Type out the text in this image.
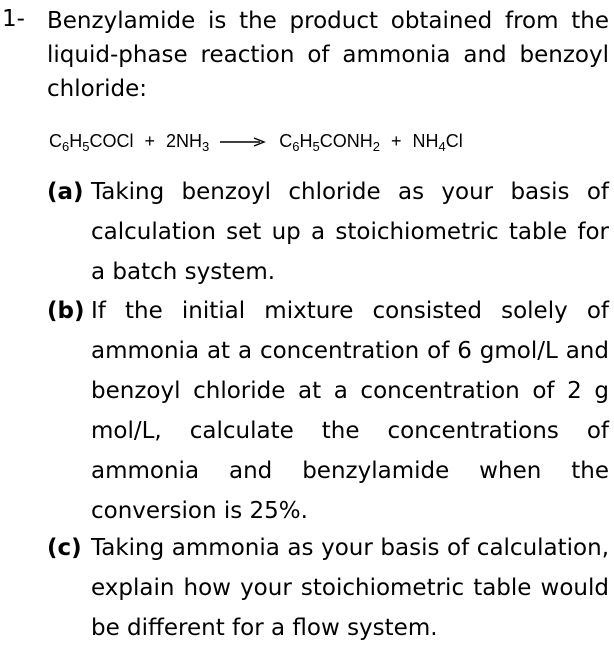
1- Benzylamide is the product obtained from the liquid-phase reaction of ammonia and benzoyl chloride:
$C_6H_5COCl + 2NH_3$	$C_6H_5CONH_2 + NH_4Cl$
(a) Taking benzoyl chloride as your basis of calculation set up a stoichiometric table for a batch system.
(b) If the initial mixture consisted solely of ammonia at a concentration of 6 gmol/L and benzoyl chloride at a concentration of 2 g mol/L, calculate the concentrations of ammonia and benzylamide when the conversion is 25%.
(c) Taking ammonia as your basis of calculation, explain how your stoichiometric table would be different for a flow system.
